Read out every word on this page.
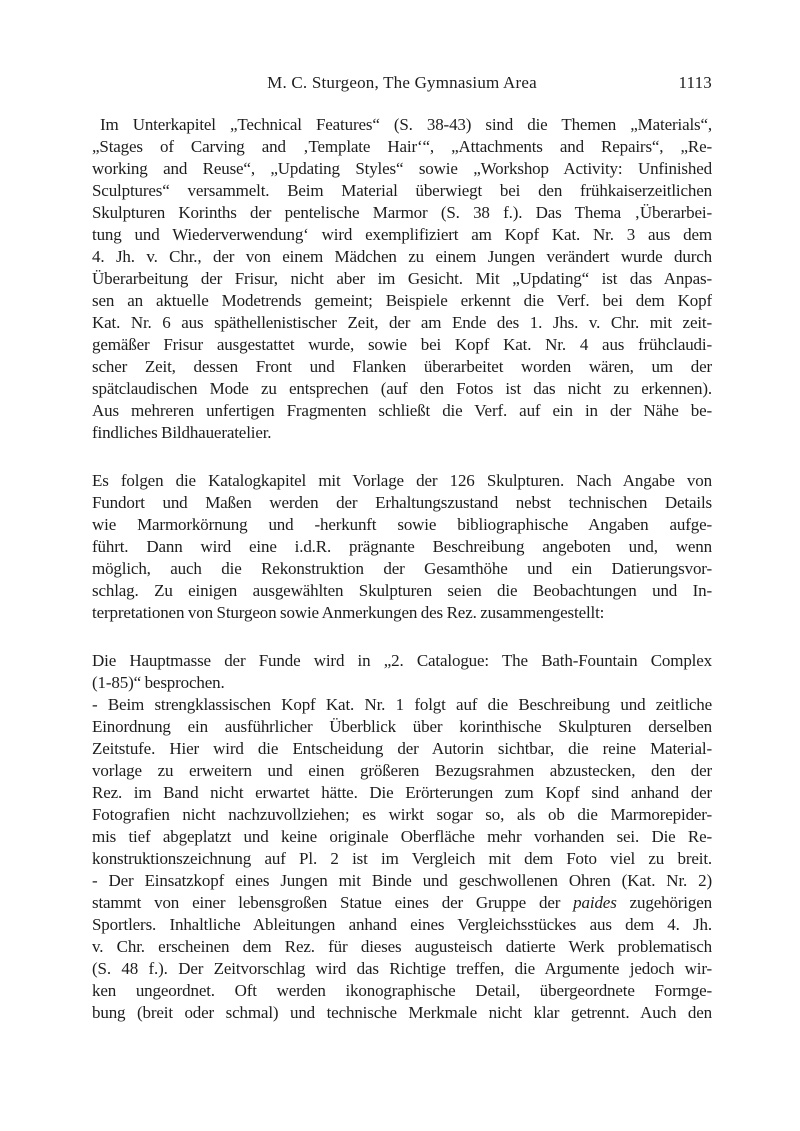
M. C. Sturgeon, The Gymnasium Area	1113
Im Unterkapitel „Technical Features“ (S. 38-43) sind die Themen „Materials“,
„Stages of Carving and ‚Template Hair‘“, „Attachments and Repairs“, „Re-
working and Reuse“, „Updating Styles“ sowie „Workshop Activity: Unfinished
Sculptures“ versammelt. Beim Material überwiegt bei den frühkaiserzeitlichen
Skulpturen Korinths der pentelische Marmor (S. 38 f.). Das Thema ‚Überarbei-
tung und Wiederverwendung‘ wird exemplifiziert am Kopf Kat. Nr. 3 aus dem
4. Jh. v. Chr., der von einem Mädchen zu einem Jungen verändert wurde durch
Überarbeitung der Frisur, nicht aber im Gesicht. Mit „Updating“ ist das Anpas-
sen an aktuelle Modetrends gemeint; Beispiele erkennt die Verf. bei dem Kopf
Kat. Nr. 6 aus späthellenistischer Zeit, der am Ende des 1. Jhs. v. Chr. mit zeit-
gemäßer Frisur ausgestattet wurde, sowie bei Kopf Kat. Nr. 4 aus frühclaudi-
scher Zeit, dessen Front und Flanken überarbeitet worden wären, um der
spätclaudischen Mode zu entsprechen (auf den Fotos ist das nicht zu erkennen).
Aus mehreren unfertigen Fragmenten schließt die Verf. auf ein in der Nähe be-
findliches Bildhaueratelier.
Es folgen die Katalogkapitel mit Vorlage der 126 Skulpturen. Nach Angabe von
Fundort und Maßen werden der Erhaltungszustand nebst technischen Details
wie Marmorkörnung und -herkunft sowie bibliographische Angaben aufge-
führt. Dann wird eine i.d.R. prägnante Beschreibung angeboten und, wenn
möglich, auch die Rekonstruktion der Gesamthöhe und ein Datierungsvor-
schlag. Zu einigen ausgewählten Skulpturen seien die Beobachtungen und In-
terpretationen von Sturgeon sowie Anmerkungen des Rez. zusammengestellt:
Die Hauptmasse der Funde wird in „2. Catalogue: The Bath-Fountain Complex
(1-85)“ besprochen.
- Beim strengklassischen Kopf Kat. Nr. 1 folgt auf die Beschreibung und zeitliche
Einordnung ein ausführlicher Überblick über korinthische Skulpturen derselben
Zeitstufe. Hier wird die Entscheidung der Autorin sichtbar, die reine Material-
vorlage zu erweitern und einen größeren Bezugsrahmen abzustecken, den der
Rez. im Band nicht erwartet hätte. Die Erörterungen zum Kopf sind anhand der
Fotografien nicht nachzuvollziehen; es wirkt sogar so, als ob die Marmorepider-
mis tief abgeplatzt und keine originale Oberfläche mehr vorhanden sei. Die Re-
konstruktionszeichnung auf Pl. 2 ist im Vergleich mit dem Foto viel zu breit.
- Der Einsatzkopf eines Jungen mit Binde und geschwollenen Ohren (Kat. Nr. 2)
stammt von einer lebensgroßen Statue eines der Gruppe der paides zugehörigen
Sportlers. Inhaltliche Ableitungen anhand eines Vergleichsstückes aus dem 4. Jh.
v. Chr. erscheinen dem Rez. für dieses augusteisch datierte Werk problematisch
(S. 48 f.). Der Zeitvorschlag wird das Richtige treffen, die Argumente jedoch wir-
ken ungeordnet. Oft werden ikonographische Detail, übergeordnete Formge-
bung (breit oder schmal) und technische Merkmale nicht klar getrennt. Auch den
